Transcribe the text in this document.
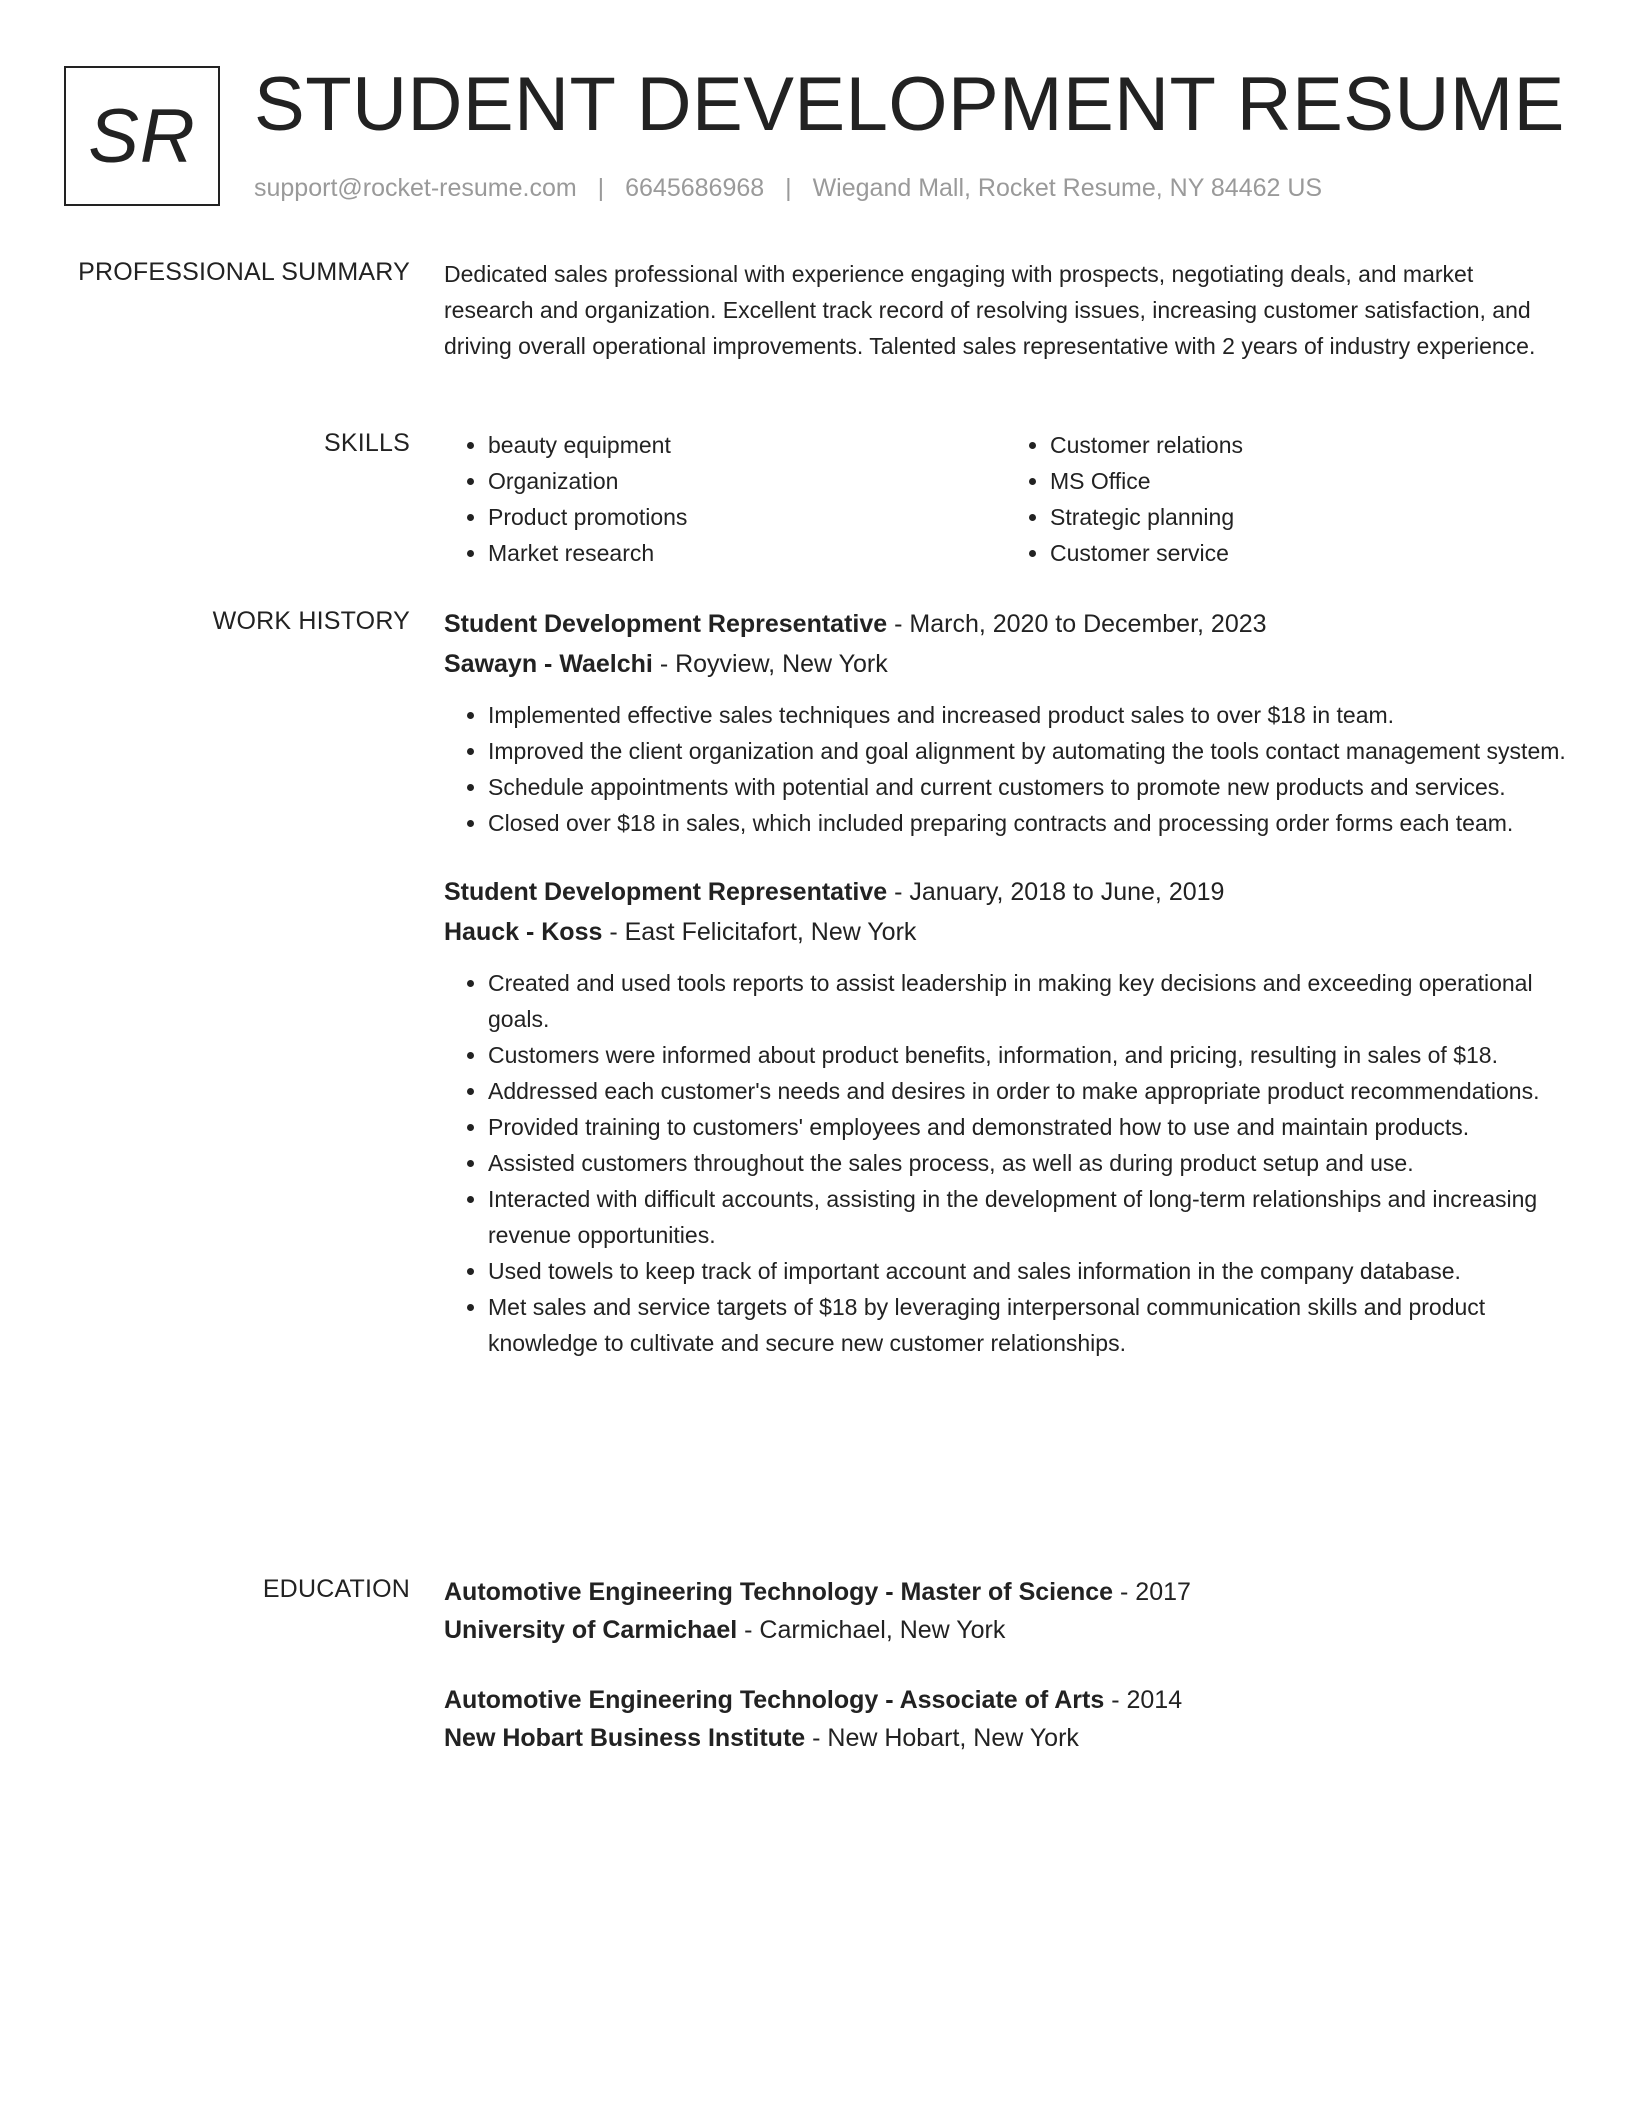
SR STUDENT DEVELOPMENT RESUME
support@rocket-resume.com | 6645686968 | Wiegand Mall, Rocket Resume, NY 84462 US
PROFESSIONAL SUMMARY Dedicated sales professional with experience engaging with prospects, negotiating deals, and market research and organization. Excellent track record of resolving issues, increasing customer satisfaction, and driving overall operational improvements. Talented sales representative with 2 years of industry experience.

SKILLS
•	beauty equipment
• Organization
• Product promotions
• Market research
• Customer relations
• MS Office
• Strategic planning
• Customer service
WORK HISTORY Student Development Representative - March, 2020 to December, 2023
Sawayn - Waelchi - Royview, New York
• Implemented effective sales techniques and increased product sales to over $18 in team.
• Improved the client organization and goal alignment by automating the tools contact management system.
• Schedule appointments with potential and current customers to promote new products and services.
• Closed over $18 in sales, which included preparing contracts and processing order forms each team.
Student Development Representative - January, 2018 to June, 2019
Hauck - Koss - East Felicitafort, New York
• Created and used tools reports to assist leadership in making key decisions and exceeding operational goals.
• Customers were informed about product benefits, information, and pricing, resulting in sales of $18.
• Addressed each customer's needs and desires in order to make appropriate product recommendations.
• Provided training to customers' employees and demonstrated how to use and maintain products.
• Assisted customers throughout the sales process, as well as during product setup and use.
• Interacted with difficult accounts, assisting in the development of long-term relationships and increasing revenue opportunities.
• Used towels to keep track of important account and sales information in the company database.
• Met sales and service targets of $18 by leveraging interpersonal communication skills and product knowledge to cultivate and secure new customer relationships.
EDUCATION Automotive Engineering Technology - Master of Science - 2017
University of Carmichael - Carmichael, New York
Automotive Engineering Technology - Associate of Arts - 2014
New Hobart Business Institute - New Hobart, New York
